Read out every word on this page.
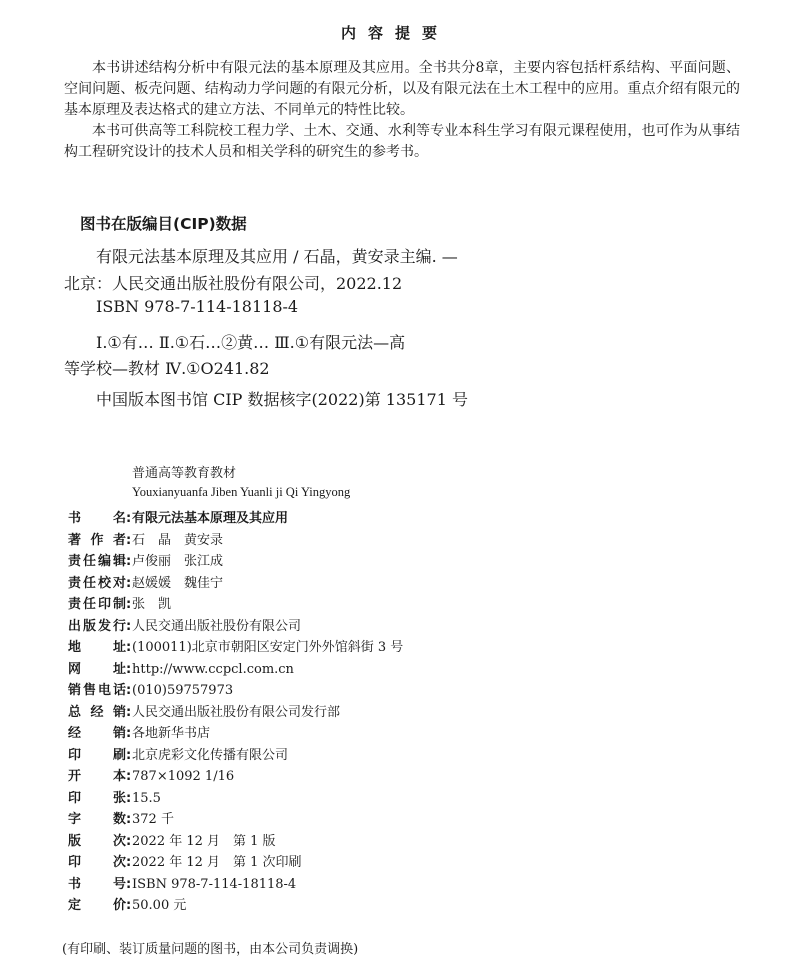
内容提要

本书讲述结构分析中有限元法的基本原理及其应用。全书共分8章，主要内容包括杆系结构、平面问题、空间问题、板壳问题、结构动力学问题的有限元分析，以及有限元法在土木工程中的应用。重点介绍有限元的基本原理及表达格式的建立方法、不同单元的特性比较。

本书可供高等工科院校工程力学、土木、交通、水利等专业本科生学习有限元课程使用，也可作为从事结构工程研究设计的技术人员和相关学科的研究生的参考书。

图书在版编目(CIP)数据
有限元法基本原理及其应用 / 石晶，黄安录主编. —
北京：人民交通出版社股份有限公司，2022.12
ISBN 978-7-114-18118-4
Ⅰ.①有… Ⅱ.①石…②黄… Ⅲ.①有限元法—高
等学校—教材 Ⅳ.①O241.82
中国版本图书馆 CIP 数据核字(2022)第 135171 号
普通高等教育教材
Youxianyuanfa Jiben Yuanli ji Qi Yingyong
书名:有限元法基本原理及其应用
著作者:石　晶　黄安录
责任编辑:卢俊丽　张江成
责任校对:赵媛媛　魏佳宁
责任印制:张　凯
出版发行:人民交通出版社股份有限公司
地址:(100011)北京市朝阳区安定门外外馆斜街 3 号
网址:http://www.ccpcl.com.cn
销售电话:(010)59757973
总经销:人民交通出版社股份有限公司发行部
经销:各地新华书店
印刷:北京虎彩文化传播有限公司
开本:787×1092 1/16
印张:15.5
字数:372 千
版次:2022 年 12 月　第 1 版
印次:2022 年 12 月　第 1 次印刷
书号:ISBN 978-7-114-18118-4
定价:50.00 元
(有印刷、装订质量问题的图书，由本公司负责调换)
